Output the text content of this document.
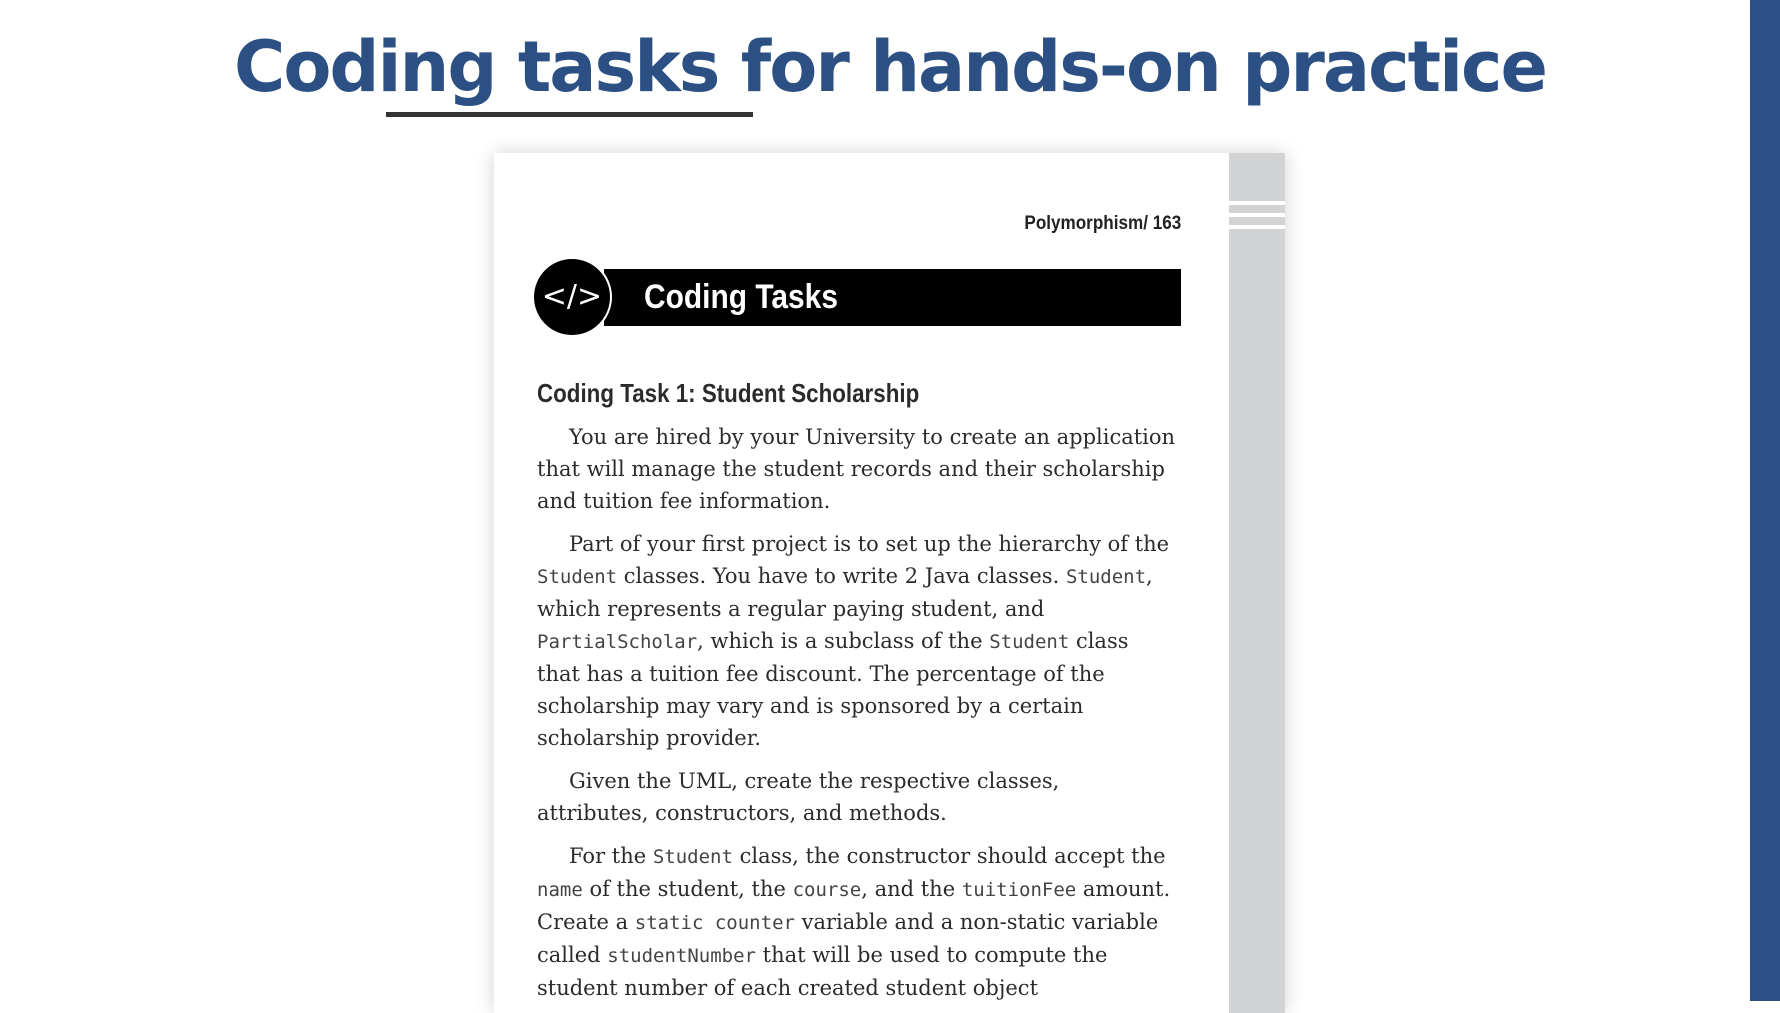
Coding tasks for hands-on practice
Polymorphism/ 163
Coding Tasks
</>
Coding Task 1: Student Scholarship

You are hired by your University to create an application that will manage the student records and their scholarship and tuition fee information.

Part of your first project is to set up the hierarchy of the Student classes. You have to write 2 Java classes. Student, which represents a regular paying student, and PartialScholar, which is a subclass of the Student class that has a tuition fee discount. The percentage of the scholarship may vary and is sponsored by a certain scholarship provider.

Given the UML, create the respective classes, attributes, constructors, and methods.

For the Student class, the constructor should accept the name of the student, the course, and the tuitionFee amount. Create a static counter variable and a non-static variable called studentNumber that will be used to compute the student number of each created student object
